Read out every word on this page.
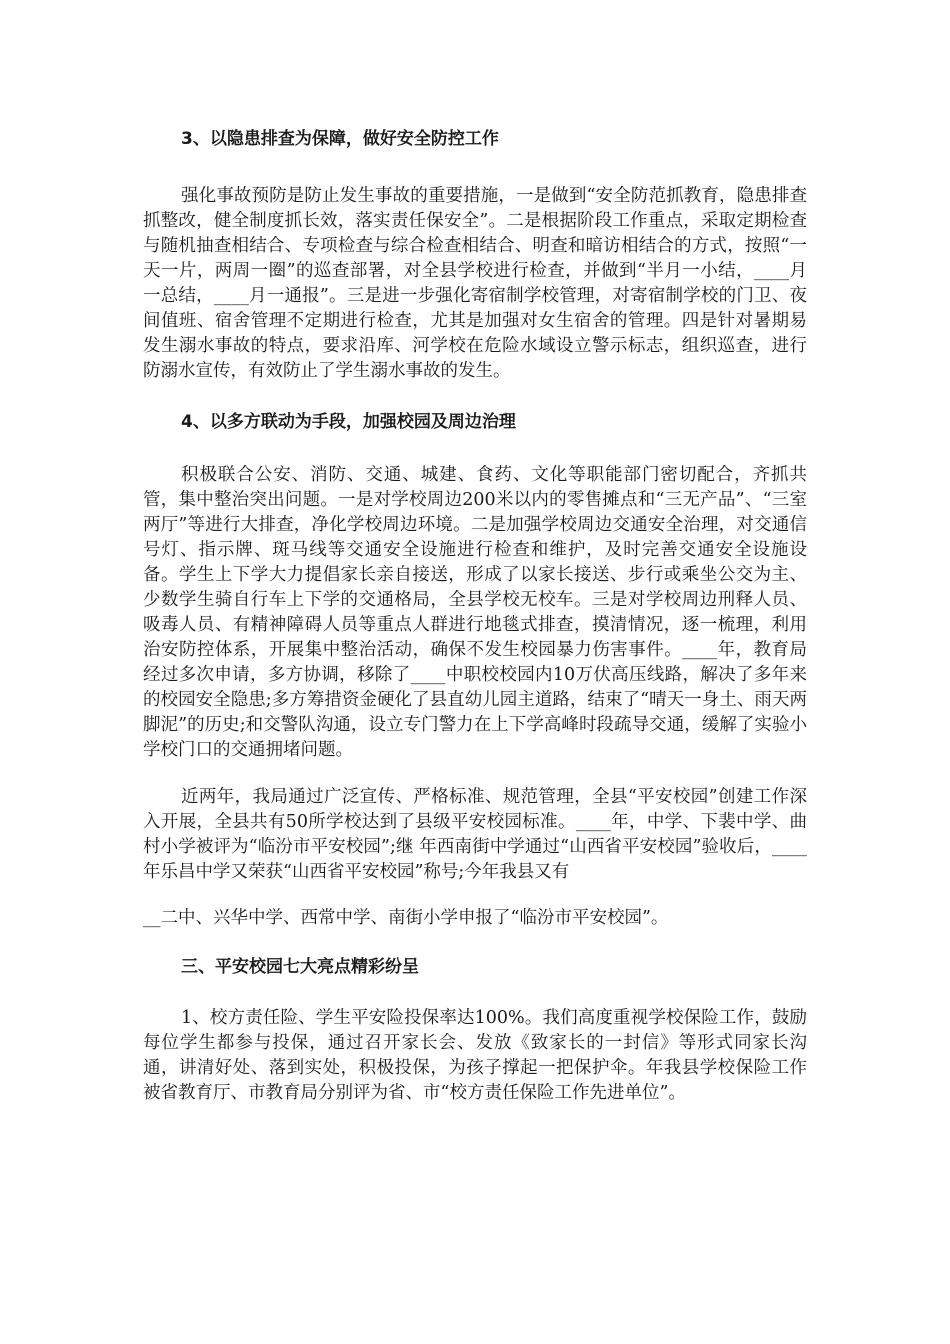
3、以隐患排查为保障，做好安全防控工作

强化事故预防是防止发生事故的重要措施，一是做到“安全防范抓教育，隐患排查抓整改，健全制度抓长效，落实责任保安全”。二是根据阶段工作重点，采取定期检查与随机抽查相结合、专项检查与综合检查相结合、明查和暗访相结合的方式，按照“一天一片，两周一圈”的巡查部署，对全县学校进行检查，并做到“半月一小结，____月一总结，____月一通报”。三是进一步强化寄宿制学校管理，对寄宿制学校的门卫、夜间值班、宿舍管理不定期进行检查，尤其是加强对女生宿舍的管理。四是针对暑期易发生溺水事故的特点，要求沿库、河学校在危险水域设立警示标志，组织巡查，进行防溺水宣传，有效防止了学生溺水事故的发生。

4、以多方联动为手段，加强校园及周边治理

积极联合公安、消防、交通、城建、食药、文化等职能部门密切配合，齐抓共管，集中整治突出问题。一是对学校周边200米以内的零售摊点和“三无产品”、“三室两厅”等进行大排查，净化学校周边环境。二是加强学校周边交通安全治理，对交通信号灯、指示牌、斑马线等交通安全设施进行检查和维护，及时完善交通安全设施设备。学生上下学大力提倡家长亲自接送，形成了以家长接送、步行或乘坐公交为主、少数学生骑自行车上下学的交通格局，全县学校无校车。三是对学校周边刑释人员、吸毒人员、有精神障碍人员等重点人群进行地毯式排查，摸清情况，逐一梳理，利用治安防控体系，开展集中整治活动，确保不发生校园暴力伤害事件。____年，教育局经过多次申请，多方协调，移除了____中职校校园内10万伏高压线路，解决了多年来的校园安全隐患;多方筹措资金硬化了县直幼儿园主道路，结束了“晴天一身土、雨天两脚泥”的历史;和交警队沟通，设立专门警力在上下学高峰时段疏导交通，缓解了实验小学校门口的交通拥堵问题。

近两年，我局通过广泛宣传、严格标准、规范管理，全县“平安校园”创建工作深入开展，全县共有50所学校达到了县级平安校园标准。____年，中学、下裴中学、曲村小学被评为“临汾市平安校园”;继 年西南街中学通过“山西省平安校园”验收后，____年乐昌中学又荣获“山西省平安校园”称号;今年我县又有

__二中、兴华中学、西常中学、南街小学申报了“临汾市平安校园”。

三、平安校园七大亮点精彩纷呈

1、校方责任险、学生平安险投保率达100%。我们高度重视学校保险工作，鼓励每位学生都参与投保，通过召开家长会、发放《致家长的一封信》等形式同家长沟通，讲清好处、落到实处，积极投保，为孩子撑起一把保护伞。年我县学校保险工作被省教育厅、市教育局分别评为省、市“校方责任保险工作先进单位”。
